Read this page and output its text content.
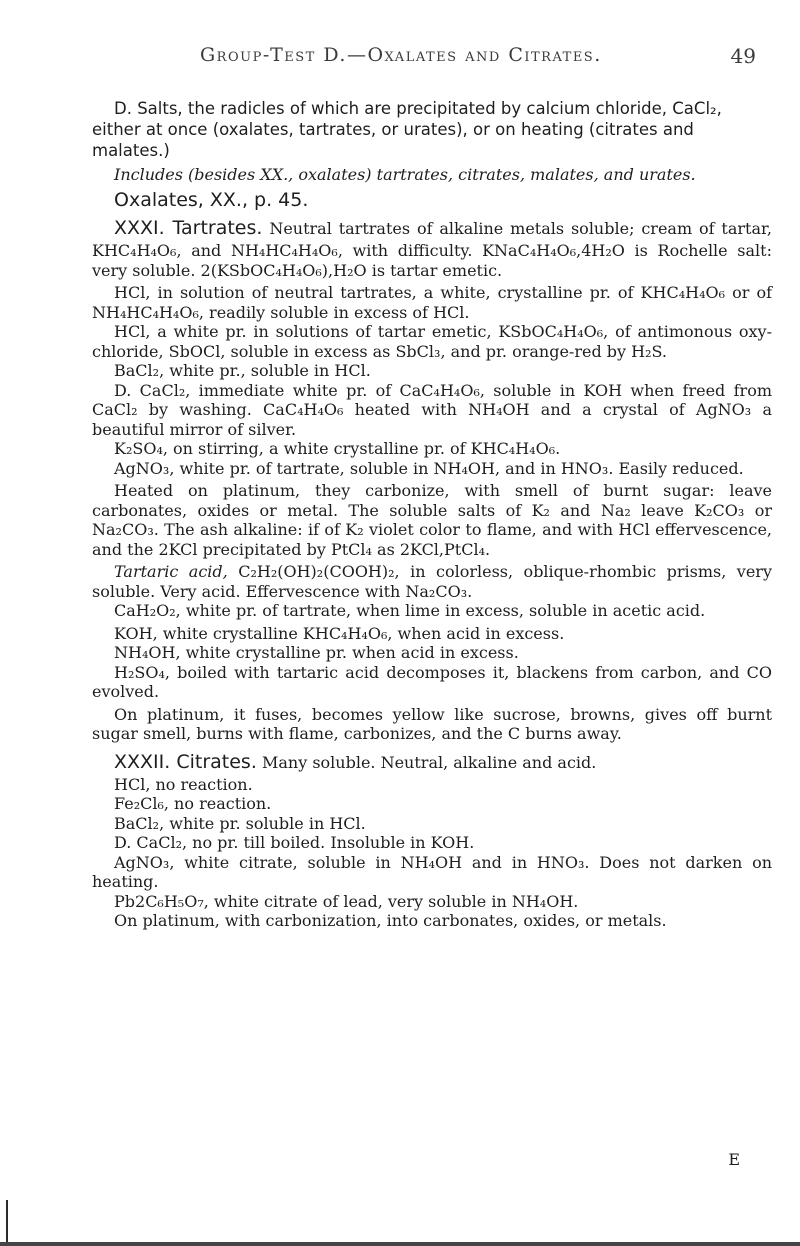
Group-Test D.—Oxalates and Citrates.	49

D. Salts, the radicles of which are precipitated by calcium chloride, CaCl₂, either at once (oxalates, tartrates, or urates), or on heating (citrates and malates.)

Includes (besides XX., oxalates) tartrates, citrates, malates, and urates.

Oxalates, XX., p. 45.

XXXI. Tartrates. Neutral tartrates of alkaline metals soluble; cream of tartar, KHC₄H₄O₆, and NH₄HC₄H₄O₆, with difficulty. KNaC₄H₄O₆,4H₂O is Rochelle salt: very soluble. 2(KSbOC₄H₄O₆),H₂O is tartar emetic.

HCl, in solution of neutral tartrates, a white, crystalline pr. of KHC₄H₄O₆ or of NH₄HC₄H₄O₆, readily soluble in excess of HCl.

HCl, a white pr. in solutions of tartar emetic, KSbOC₄H₄O₆, of antimonous oxy-chloride, SbOCl, soluble in excess as SbCl₃, and pr. orange-red by H₂S.

BaCl₂, white pr., soluble in HCl.

D. CaCl₂, immediate white pr. of CaC₄H₄O₆, soluble in KOH when freed from CaCl₂ by washing. CaC₄H₄O₆ heated with NH₄OH and a crystal of AgNO₃ a beautiful mirror of silver.

K₂SO₄, on stirring, a white crystalline pr. of KHC₄H₄O₆.

AgNO₃, white pr. of tartrate, soluble in NH₄OH, and in HNO₃. Easily reduced.

Heated on platinum, they carbonize, with smell of burnt sugar: leave carbonates, oxides or metal. The soluble salts of K₂ and Na₂ leave K₂CO₃ or Na₂CO₃. The ash alkaline: if of K₂ violet color to flame, and with HCl effervescence, and the 2KCl precipitated by PtCl₄ as 2KCl,PtCl₄.

Tartaric acid, C₂H₂(OH)₂(COOH)₂, in colorless, oblique-rhombic prisms, very soluble. Very acid. Effervescence with Na₂CO₃.

CaH₂O₂, white pr. of tartrate, when lime in excess, soluble in acetic acid.

KOH, white crystalline KHC₄H₄O₆, when acid in excess.

NH₄OH, white crystalline pr. when acid in excess.

H₂SO₄, boiled with tartaric acid decomposes it, blackens from carbon, and CO evolved.

On platinum, it fuses, becomes yellow like sucrose, browns, gives off burnt sugar smell, burns with flame, carbonizes, and the C burns away.

XXXII. Citrates. Many soluble. Neutral, alkaline and acid.

HCl, no reaction.

Fe₂Cl₆, no reaction.

BaCl₂, white pr. soluble in HCl.

D. CaCl₂, no pr. till boiled. Insoluble in KOH.

AgNO₃, white citrate, soluble in NH₄OH and in HNO₃. Does not darken on heating.

Pb2C₆H₅O₇, white citrate of lead, very soluble in NH₄OH.

On platinum, with carbonization, into carbonates, oxides, or metals.

E
